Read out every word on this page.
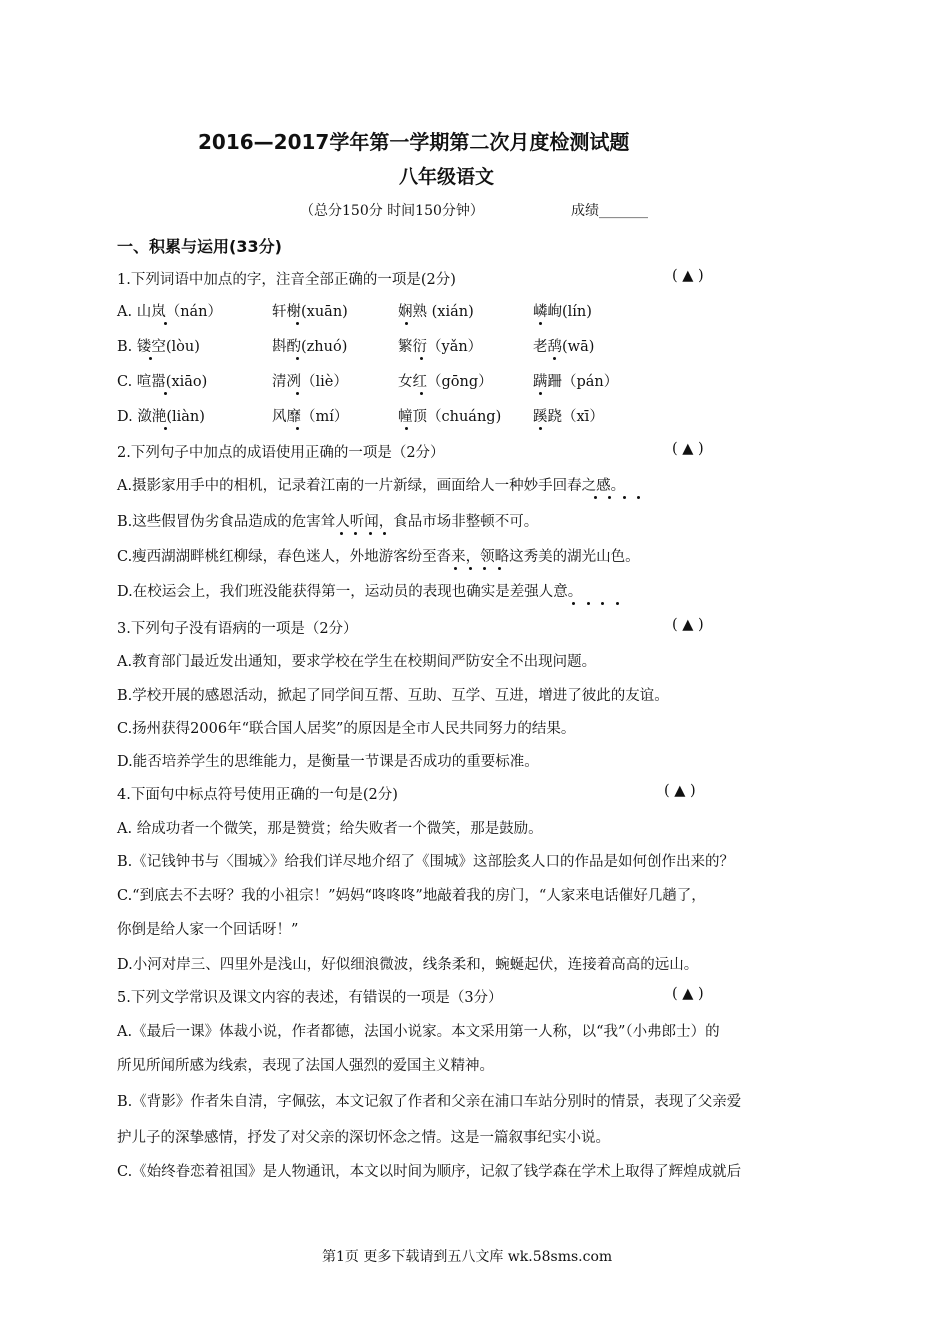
2016—2017学年第一学期第二次月度检测试题
八年级语文
（总分150分 时间150分钟）	成绩_______
一、积累与运用(33分)
1.下列词语中加点的字，注音全部正确的一项是(2分)	( ▲ )
A. 山岚（nán）	轩榭(xuān)	娴熟 (xián)	嶙峋(lín)
B. 镂空(lòu)	斟酌(zhuó)	繁衍（yǎn）	老鸹(wā)
C. 喧嚣(xiāo)	清冽（liè）	女红（gōng）	蹒跚（pán）
D. 潋滟(liàn)	风靡（mí）	幢顶（chuáng) 蹊跷（xī）
2.下列句子中加点的成语使用正确的一项是（2分）	( ▲ )
A.摄影家用手中的相机，记录着江南的一片新绿，画面给人一种妙手回春之感。
B.这些假冒伪劣食品造成的危害耸人听闻，食品市场非整顿不可。
C.瘦西湖湖畔桃红柳绿，春色迷人，外地游客纷至沓来，领略这秀美的湖光山色。
D.在校运会上，我们班没能获得第一，运动员的表现也确实是差强人意。
3.下列句子没有语病的一项是（2分）	( ▲ )
A.教育部门最近发出通知，要求学校在学生在校期间严防安全不出现问题。
B.学校开展的感恩活动，掀起了同学间互帮、互助、互学、互进，增进了彼此的友谊。
C.扬州获得2006年“联合国人居奖”的原因是全市人民共同努力的结果。
D.能否培养学生的思维能力，是衡量一节课是否成功的重要标准。
4.下面句中标点符号使用正确的一句是(2分)	( ▲ )
A. 给成功者一个微笑，那是赞赏；给失败者一个微笑，那是鼓励。
B.《记钱钟书与〈围城〉》给我们详尽地介绍了《围城》这部脍炙人口的作品是如何创作出来的？
C.“到底去不去呀？我的小祖宗！”妈妈“咚咚咚”地敲着我的房门，“人家来电话催好几趟了，
你倒是给人家一个回话呀！”
D.小河对岸三、四里外是浅山，好似细浪微波，线条柔和，蜿蜒起伏，连接着高高的远山。
5.下列文学常识及课文内容的表述，有错误的一项是（3分）	( ▲ )
A.《最后一课》体裁小说，作者都德，法国小说家。本文采用第一人称，以“我”（小弗郎士）的
所见所闻所感为线索，表现了法国人强烈的爱国主义精神。
B.《背影》作者朱自清，字佩弦，本文记叙了作者和父亲在浦口车站分别时的情景，表现了父亲爱
护儿子的深挚感情，抒发了对父亲的深切怀念之情。这是一篇叙事纪实小说。
C.《始终眷恋着祖国》是人物通讯，本文以时间为顺序，记叙了钱学森在学术上取得了辉煌成就后
第1页 更多下载请到五八文库 wk.58sms.com
